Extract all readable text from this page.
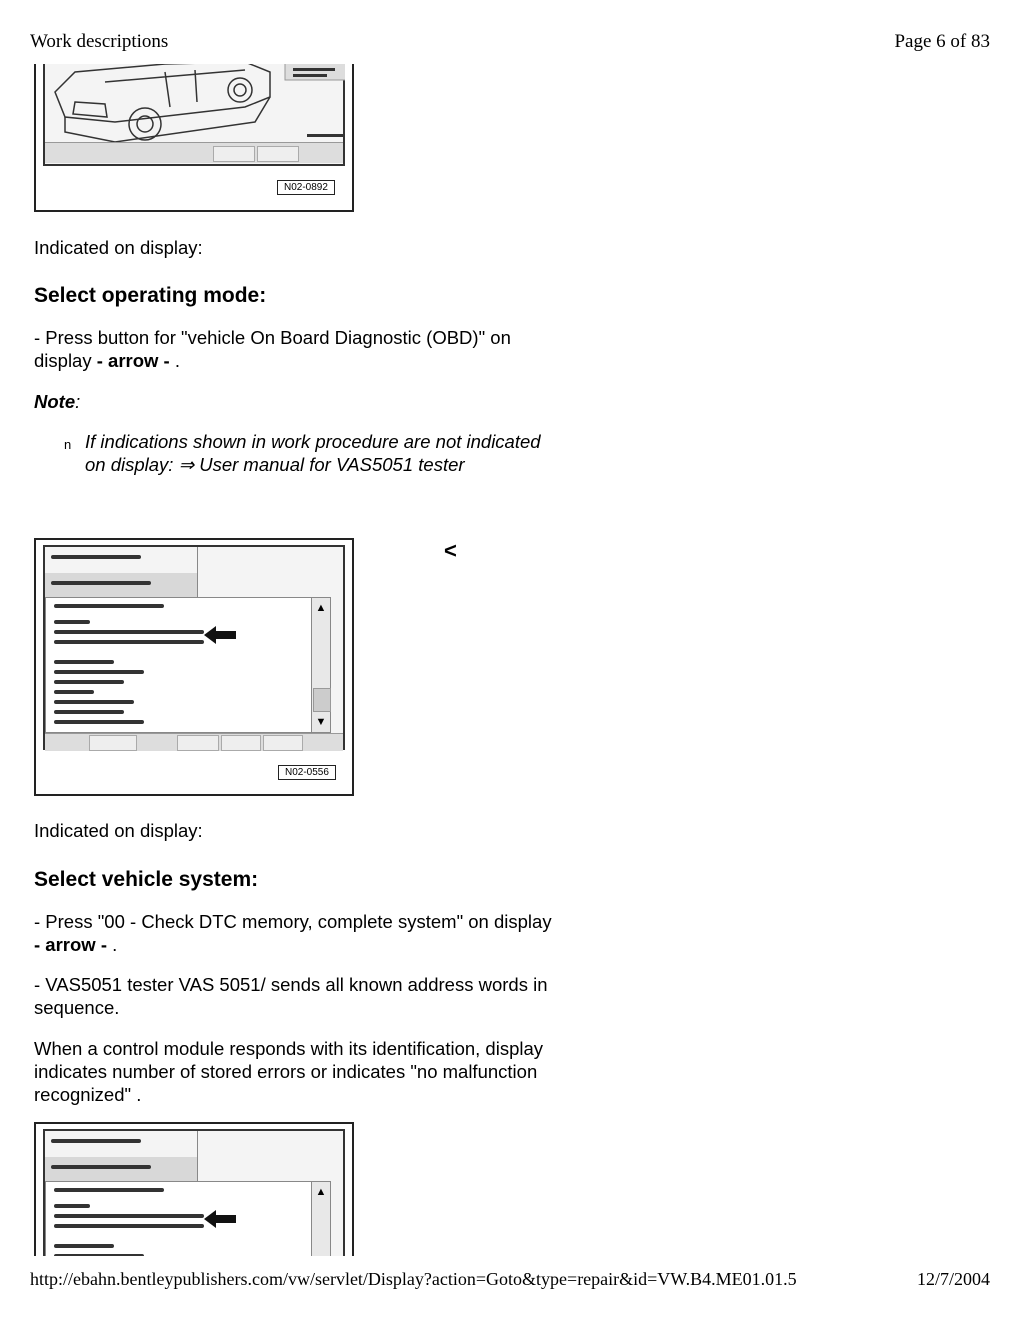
Work descriptions	Page 6 of 83
N02-0892
Indicated on display:
Select operating mode:
- Press button for "vehicle On Board Diagnostic (OBD)" on display - arrow - .
Note:
n If indications shown in work procedure are not indicated on display: ⇒ User manual for VAS5051 tester
▲
▼
N02-0556
<
Indicated on display:
Select vehicle system:
- Press "00 - Check DTC memory, complete system" on display - arrow - .
- VAS5051 tester VAS 5051/ sends all known address words in sequence.
When a control module responds with its identification, display indicates number of stored errors or indicates "no malfunction recognized" .
▲
http://ebahn.bentleypublishers.com/vw/servlet/Display?action=Goto&type=repair&id=VW.B4.ME01.01.5	12/7/2004
